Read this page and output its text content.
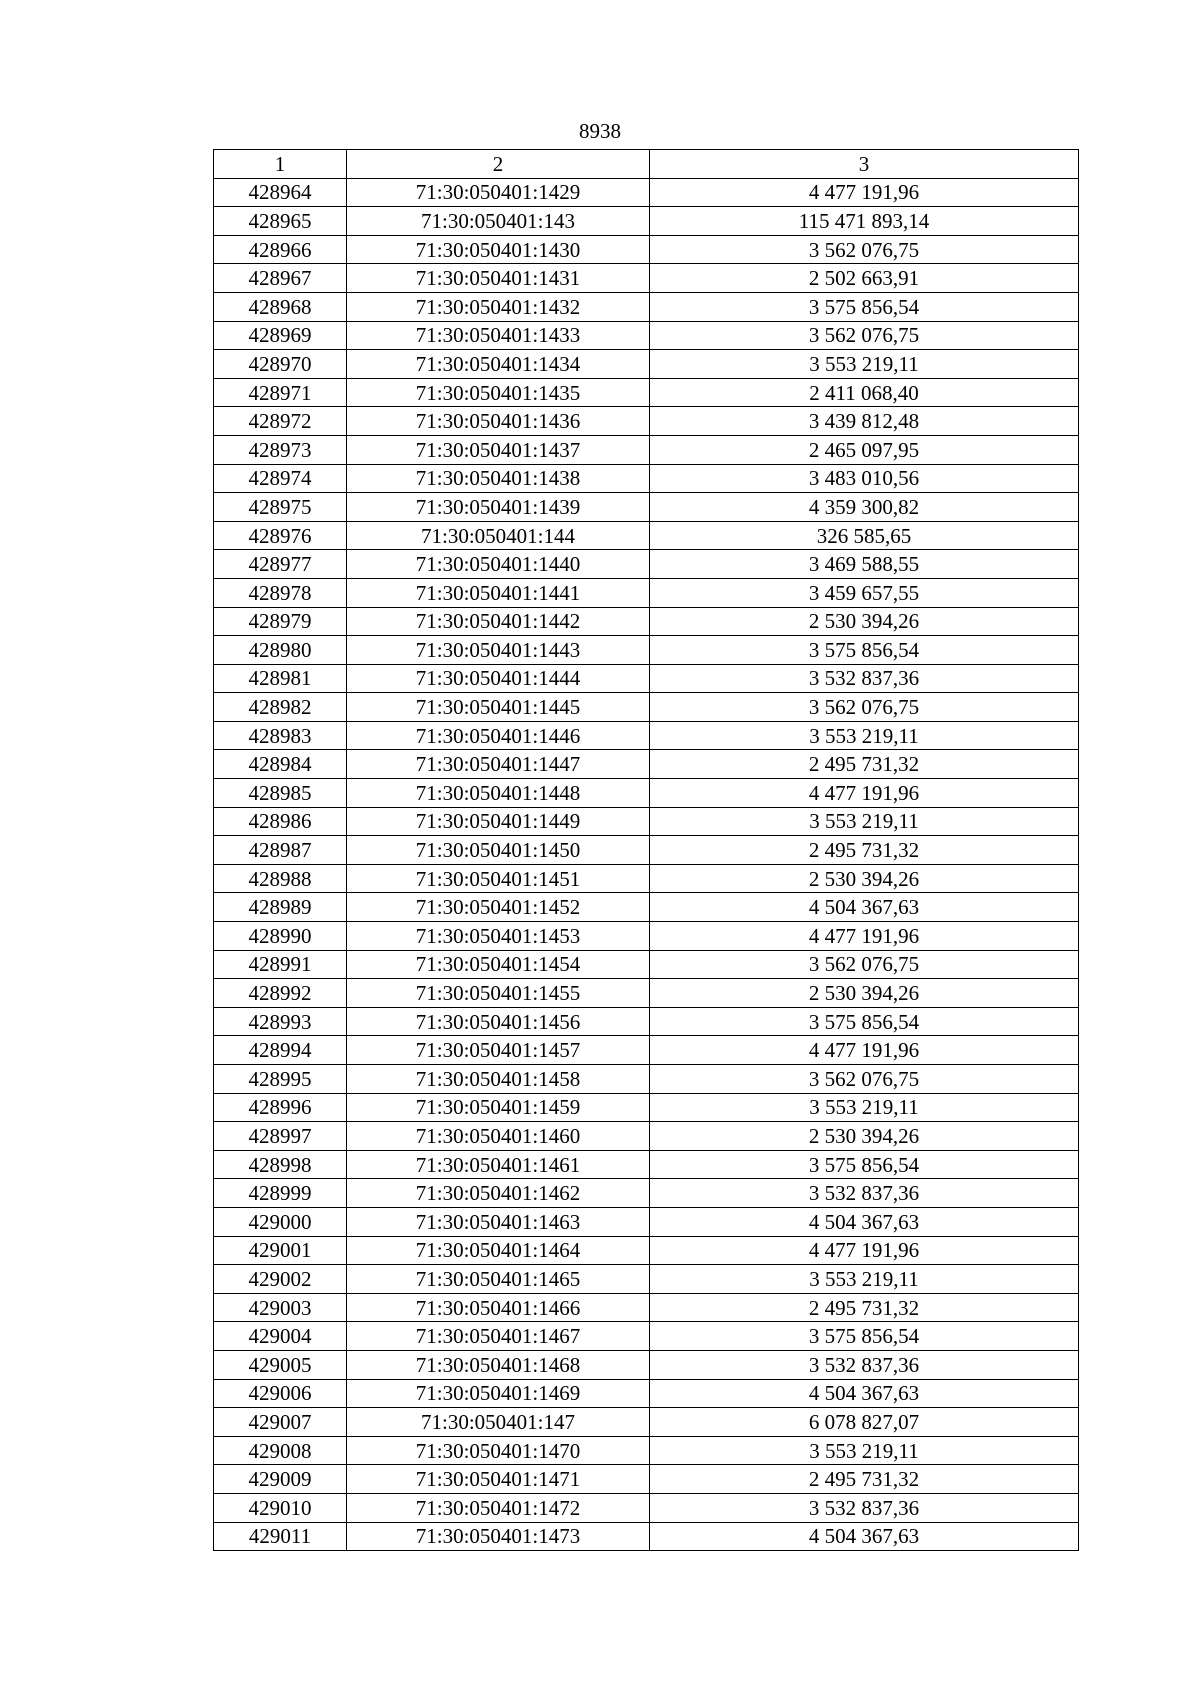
8938
1	2	3
428964	71:30:050401:1429	4 477 191,96
428965	71:30:050401:143	115 471 893,14
428966	71:30:050401:1430	3 562 076,75
428967	71:30:050401:1431	2 502 663,91
428968	71:30:050401:1432	3 575 856,54
428969	71:30:050401:1433	3 562 076,75
428970	71:30:050401:1434	3 553 219,11
428971	71:30:050401:1435	2 411 068,40
428972	71:30:050401:1436	3 439 812,48
428973	71:30:050401:1437	2 465 097,95
428974	71:30:050401:1438	3 483 010,56
428975	71:30:050401:1439	4 359 300,82
428976	71:30:050401:144	326 585,65
428977	71:30:050401:1440	3 469 588,55
428978	71:30:050401:1441	3 459 657,55
428979	71:30:050401:1442	2 530 394,26
428980	71:30:050401:1443	3 575 856,54
428981	71:30:050401:1444	3 532 837,36
428982	71:30:050401:1445	3 562 076,75
428983	71:30:050401:1446	3 553 219,11
428984	71:30:050401:1447	2 495 731,32
428985	71:30:050401:1448	4 477 191,96
428986	71:30:050401:1449	3 553 219,11
428987	71:30:050401:1450	2 495 731,32
428988	71:30:050401:1451	2 530 394,26
428989	71:30:050401:1452	4 504 367,63
428990	71:30:050401:1453	4 477 191,96
428991	71:30:050401:1454	3 562 076,75
428992	71:30:050401:1455	2 530 394,26
428993	71:30:050401:1456	3 575 856,54
428994	71:30:050401:1457	4 477 191,96
428995	71:30:050401:1458	3 562 076,75
428996	71:30:050401:1459	3 553 219,11
428997	71:30:050401:1460	2 530 394,26
428998	71:30:050401:1461	3 575 856,54
428999	71:30:050401:1462	3 532 837,36
429000	71:30:050401:1463	4 504 367,63
429001	71:30:050401:1464	4 477 191,96
429002	71:30:050401:1465	3 553 219,11
429003	71:30:050401:1466	2 495 731,32
429004	71:30:050401:1467	3 575 856,54
429005	71:30:050401:1468	3 532 837,36
429006	71:30:050401:1469	4 504 367,63
429007	71:30:050401:147	6 078 827,07
429008	71:30:050401:1470	3 553 219,11
429009	71:30:050401:1471	2 495 731,32
429010	71:30:050401:1472	3 532 837,36
429011	71:30:050401:1473	4 504 367,63
